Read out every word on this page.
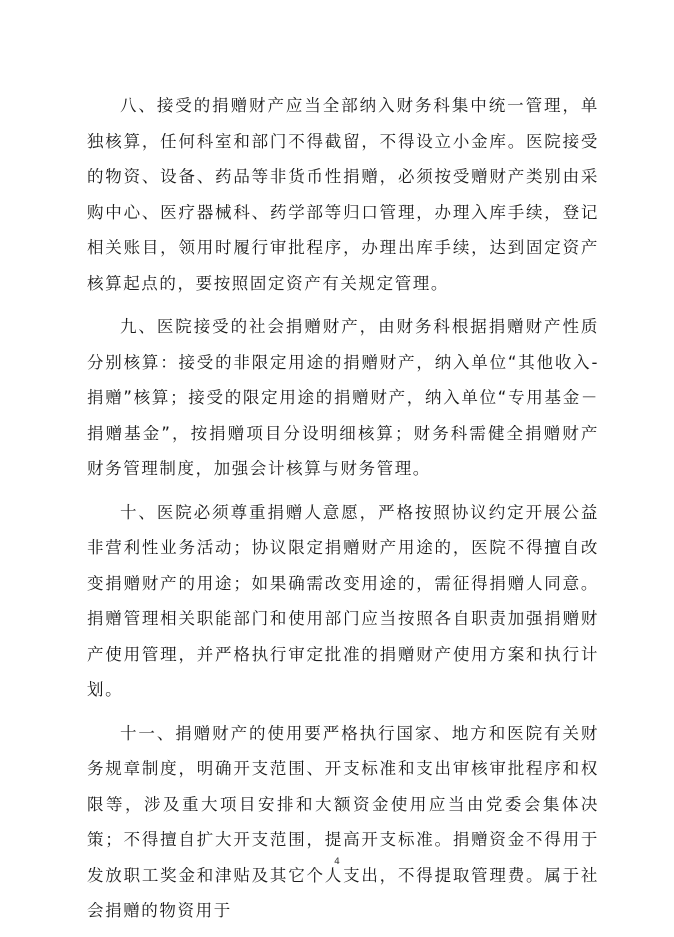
八、接受的捐赠财产应当全部纳入财务科集中统一管理，单独核算，任何科室和部门不得截留，不得设立小金库。医院接受的物资、设备、药品等非货币性捐赠，必须按受赠财产类别由采购中心、医疗器械科、药学部等归口管理，办理入库手续，登记相关账目，领用时履行审批程序，办理出库手续，达到固定资产核算起点的，要按照固定资产有关规定管理。

九、医院接受的社会捐赠财产，由财务科根据捐赠财产性质分别核算：接受的非限定用途的捐赠财产，纳入单位“其他收入-捐赠”核算；接受的限定用途的捐赠财产，纳入单位“专用基金－捐赠基金”，按捐赠项目分设明细核算；财务科需健全捐赠财产财务管理制度，加强会计核算与财务管理。

十、医院必须尊重捐赠人意愿，严格按照协议约定开展公益非营利性业务活动；协议限定捐赠财产用途的，医院不得擅自改变捐赠财产的用途；如果确需改变用途的，需征得捐赠人同意。捐赠管理相关职能部门和使用部门应当按照各自职责加强捐赠财产使用管理，并严格执行审定批准的捐赠财产使用方案和执行计划。

十一、捐赠财产的使用要严格执行国家、地方和医院有关财务规章制度，明确开支范围、开支标准和支出审核审批程序和权限等，涉及重大项目安排和大额资金使用应当由党委会集体决策；不得擅自扩大开支范围，提高开支标准。捐赠资金不得用于发放职工奖金和津贴及其它个人支出，不得提取管理费。属于社会捐赠的物资用于

4
